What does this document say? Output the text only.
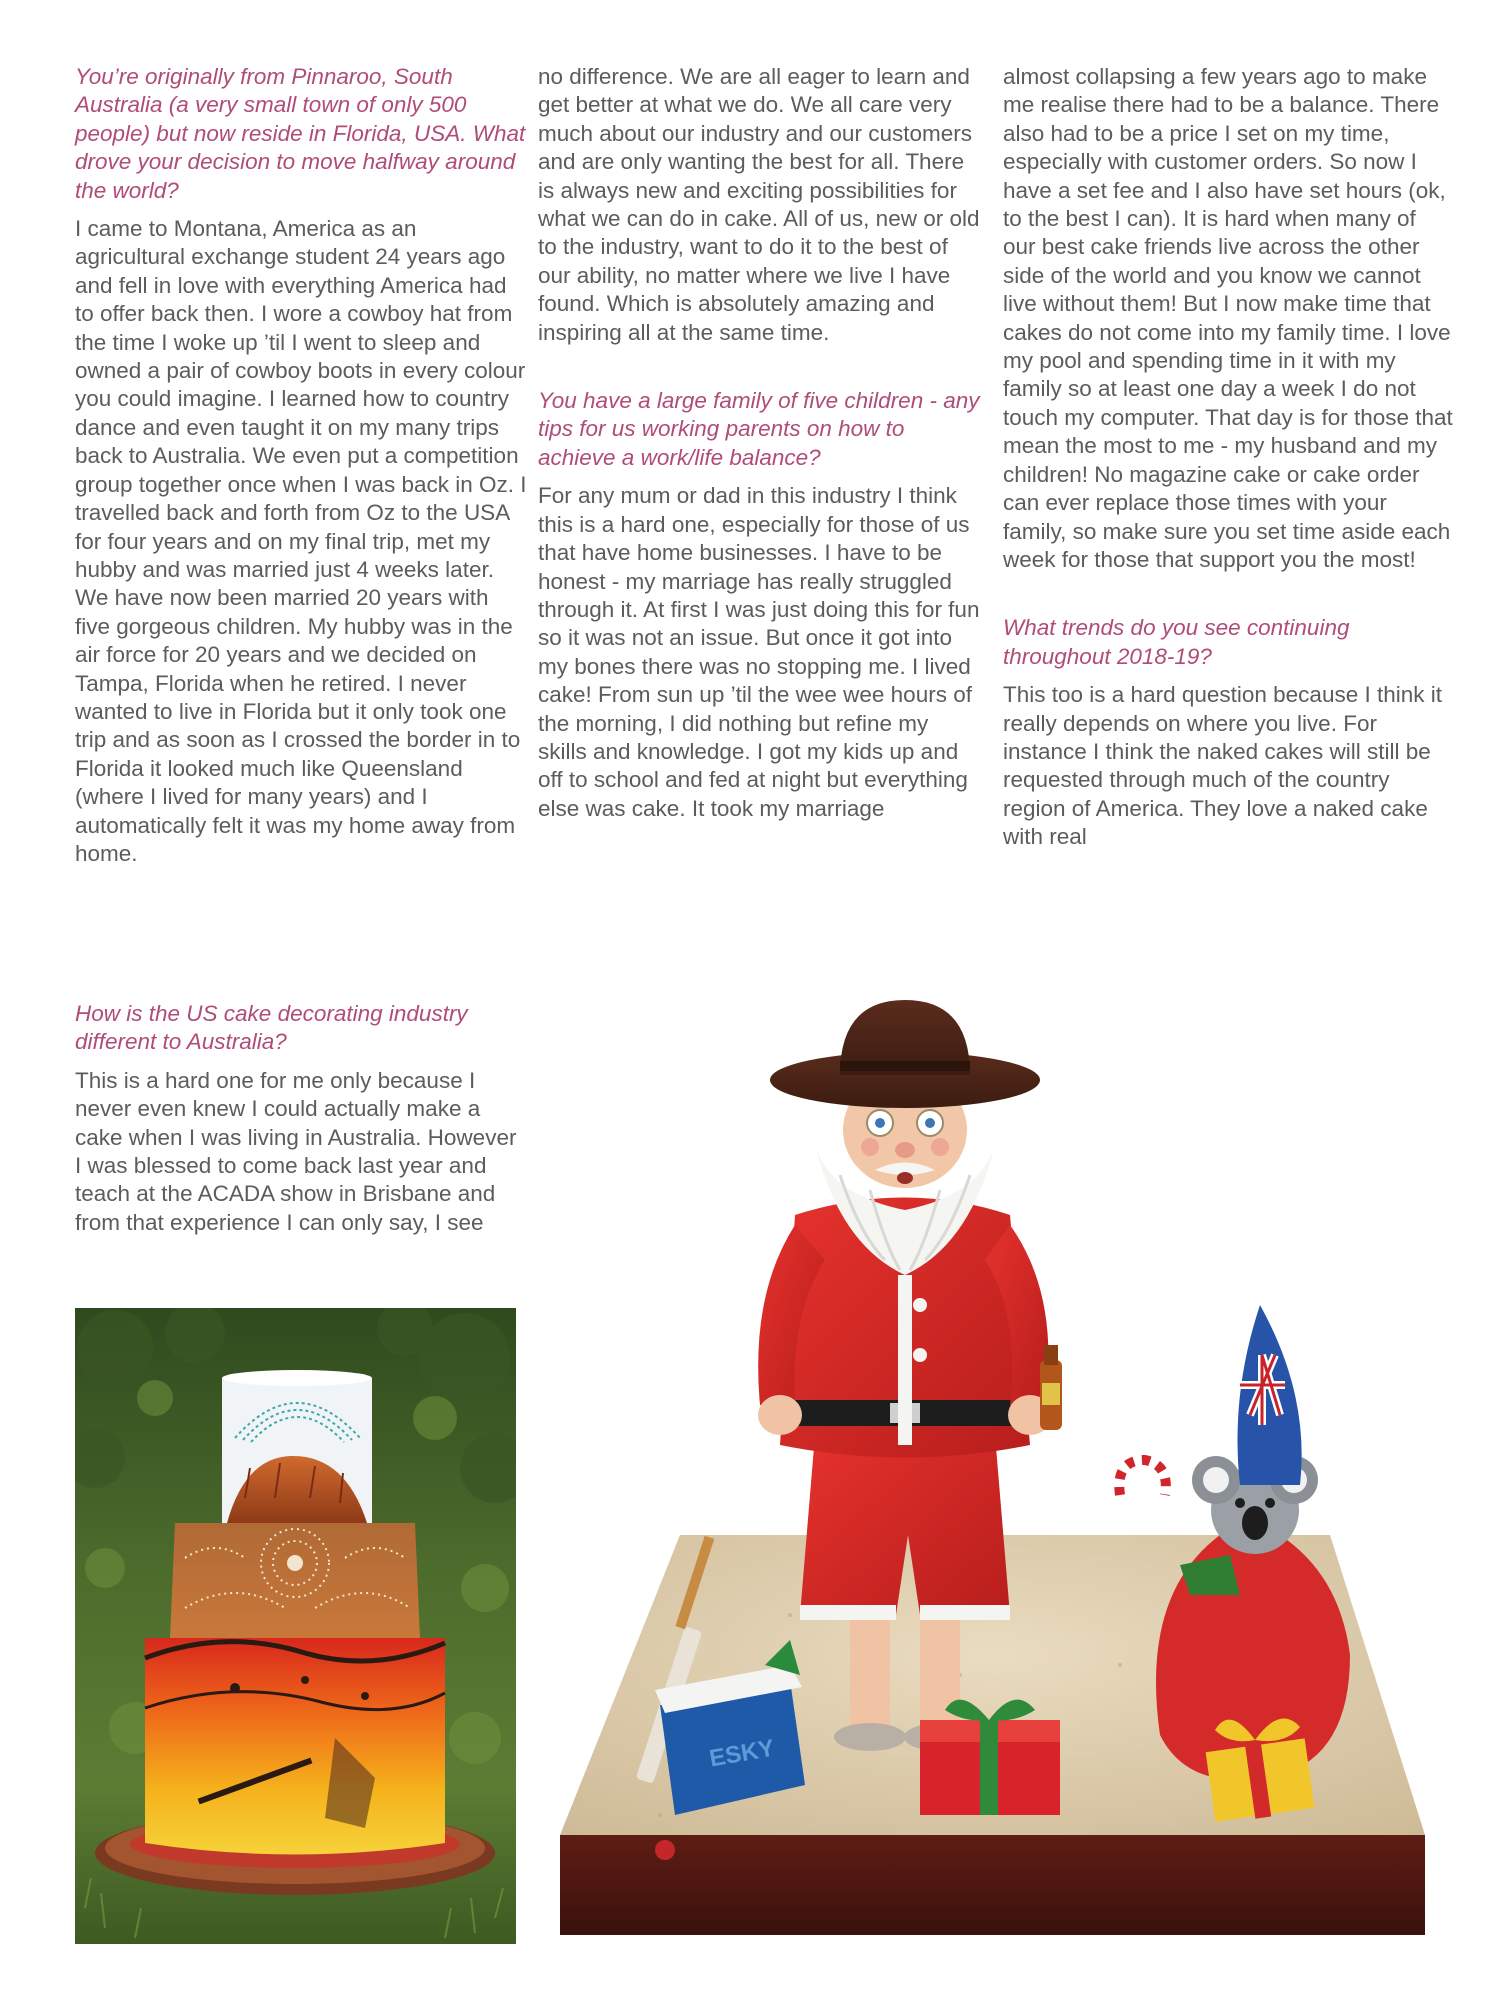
You’re originally from Pinnaroo, South Australia (a very small town of only 500 people) but now reside in Florida, USA. What drove your decision to move halfway around the world?

I came to Montana, America as an agricultural exchange student 24 years ago and fell in love with everything America had to offer back then. I wore a cowboy hat from the time I woke up ’til I went to sleep and owned a pair of cowboy boots in every colour you could imagine. I learned how to country dance and even taught it on my many trips back to Australia. We even put a competition group together once when I was back in Oz. I travelled back and forth from Oz to the USA for four years and on my final trip, met my hubby and was married just 4 weeks later. We have now been married 20 years with five gorgeous children. My hubby was in the air force for 20 years and we decided on Tampa, Florida when he retired. I never wanted to live in Florida but it only took one trip and as soon as I crossed the border in to Florida it looked much like Queensland (where I lived for many years) and I automatically felt it was my home away from home.

How is the US cake decorating industry different to Australia?

This is a hard one for me only because I never even knew I could actually make a cake when I was living in Australia. However I was blessed to come back last year and teach at the ACADA show in Brisbane and from that experience I can only say, I see

no difference. We are all eager to learn and get better at what we do. We all care very much about our industry and our customers and are only wanting the best for all. There is always new and exciting possibilities for what we can do in cake. All of us, new or old to the industry, want to do it to the best of our ability, no matter where we live I have found. Which is absolutely amazing and inspiring all at the same time.

You have a large family of five children - any tips for us working parents on how to achieve a work/life balance?

For any mum or dad in this industry I think this is a hard one, especially for those of us that have home businesses. I have to be honest - my marriage has really struggled through it. At first I was just doing this for fun so it was not an issue. But once it got into my bones there was no stopping me. I lived cake! From sun up ’til the wee wee hours of the morning, I did nothing but refine my skills and knowledge. I got my kids up and off to school and fed at night but everything else was cake. It took my marriage

almost collapsing a few years ago to make me realise there had to be a balance. There also had to be a price I set on my time, especially with customer orders. So now I have a set fee and I also have set hours (ok, to the best I can). It is hard when many of our best cake friends live across the other side of the world and you know we cannot live without them! But I now make time that cakes do not come into my family time. I love my pool and spending time in it with my family so at least one day a week I do not touch my computer. That day is for those that mean the most to me - my husband and my children! No magazine cake or cake order can ever replace those times with your family, so make sure you set time aside each week for those that support you the most!

What trends do you see continuing throughout 2018-19?

This too is a hard question because I think it really depends on where you live. For instance I think the naked cakes will still be requested through much of the country region of America. They love a naked cake with real

ESKY
